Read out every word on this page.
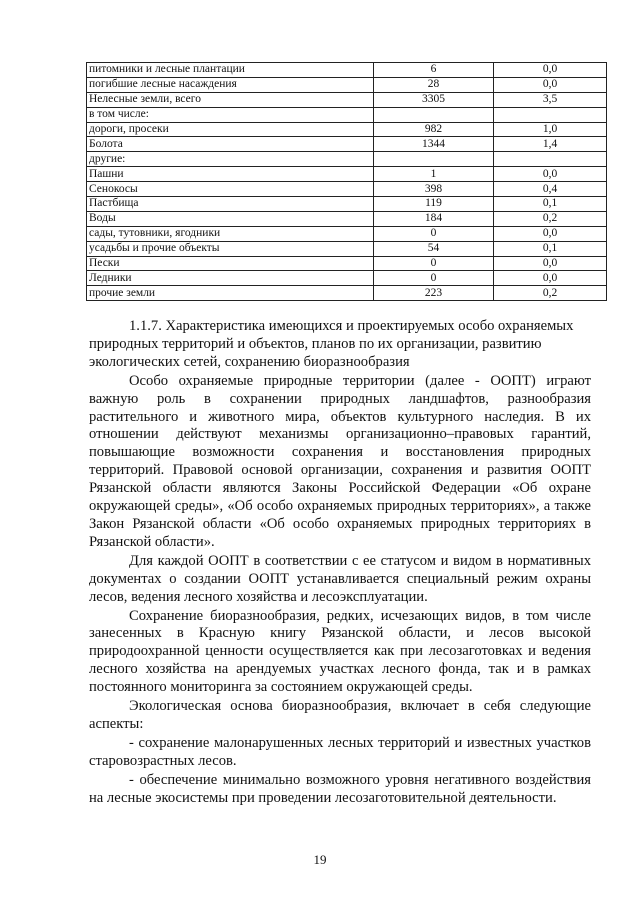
питомники и лесные плантации	6	0,0
погибшие лесные насаждения	28	0,0
Нелесные земли, всего	3305	3,5
в том числе:		
дороги, просеки	982	1,0
Болота	1344	1,4
другие:		
Пашни	1	0,0
Сенокосы	398	0,4
Пастбища	119	0,1
Воды	184	0,2
сады, тутовники, ягодники	0	0,0
усадьбы и прочие объекты	54	0,1
Пески	0	0,0
Ледники	0	0,0
прочие земли	223	0,2

1.1.7. Характеристика имеющихся и проектируемых особо охраняемых природных территорий и объектов, планов по их организации, развитию экологических сетей, сохранению биоразнообразия

Особо охраняемые природные территории (далее - ООПТ) играют важную роль в сохранении природных ландшафтов, разнообразия растительного и животного мира, объектов культурного наследия. В их отношении действуют механизмы организационно–правовых гарантий, повышающие возможности сохранения и восстановления природных территорий. Правовой основой организации, сохранения и развития ООПТ Рязанской области являются Законы Российской Федерации «Об охране окружающей среды», «Об особо охраняемых природных территориях», а также Закон Рязанской области «Об особо охраняемых природных территориях в Рязанской области».

Для каждой ООПТ в соответствии с ее статусом и видом в нормативных документах о создании ООПТ устанавливается специальный режим охраны лесов, ведения лесного хозяйства и лесоэксплуатации.

Сохранение биоразнообразия, редких, исчезающих видов, в том числе занесенных в Красную книгу Рязанской области, и лесов высокой природоохранной ценности осуществляется как при лесозаготовках и ведения лесного хозяйства на арендуемых участках лесного фонда, так и в рамках постоянного мониторинга за состоянием окружающей среды.

Экологическая основа биоразнообразия, включает в себя следующие аспекты:

- сохранение малонарушенных лесных территорий и известных участков старовозрастных лесов.

- обеспечение минимально возможного уровня негативного воздействия на лесные экосистемы при проведении лесозаготовительной деятельности.

19
